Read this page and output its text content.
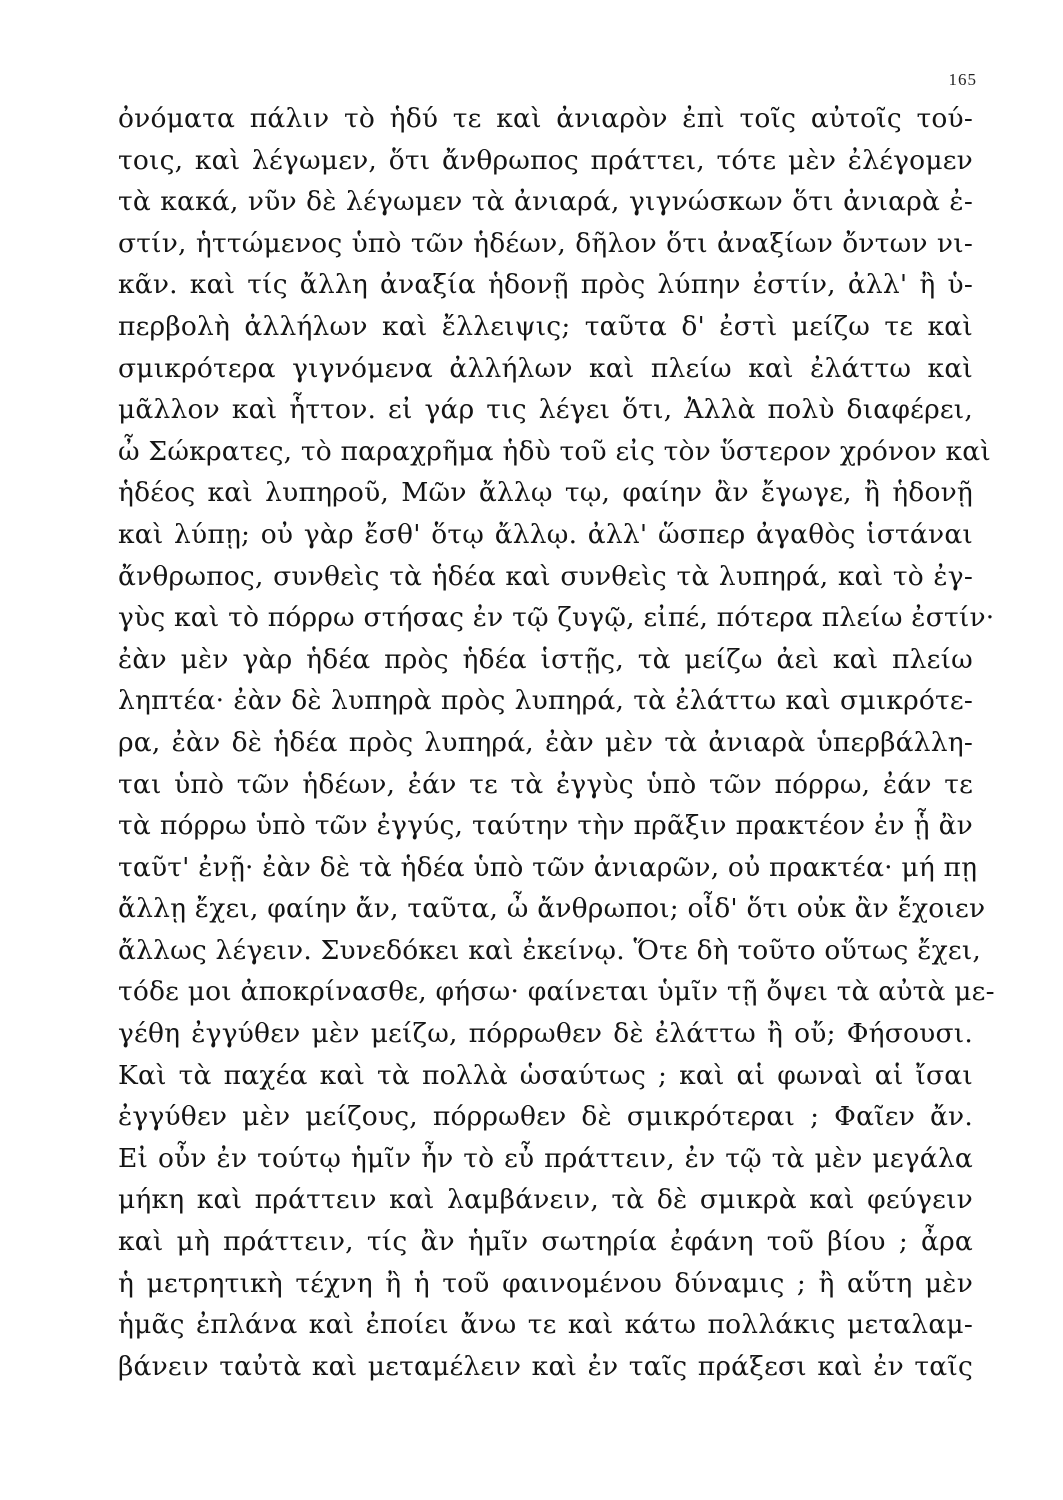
165
ὀνόματα πάλιν τὸ ἡδύ τε καὶ ἀνιαρὸν ἐπὶ τοῖς αὐτοῖς τού-
τοις, καὶ λέγωμεν, ὅτι ἄνθρωπος πράττει, τότε μὲν ἐλέγομεν
τὰ κακά, νῦν δὲ λέγωμεν τὰ ἀνιαρά, γιγνώσκων ὅτι ἀνιαρὰ ἐ-
στίν, ἡττώμενος ὑπὸ τῶν ἡδέων, δῆλον ὅτι ἀναξίων ὄντων νι-
κᾶν. καὶ τίς ἄλλη ἀναξία ἡδονῇ πρὸς λύπην ἐστίν, ἀλλ' ἢ ὑ-
περβολὴ ἀλλήλων καὶ ἔλλειψις; ταῦτα δ' ἐστὶ μείζω τε καὶ
σμικρότερα γιγνόμενα ἀλλήλων καὶ πλείω καὶ ἐλάττω καὶ
μᾶλλον καὶ ἧττον. εἰ γάρ τις λέγει ὅτι, Ἀλλὰ πολὺ διαφέρει,
ὦ Σώκρατες, τὸ παραχρῆμα ἡδὺ τοῦ εἰς τὸν ὕστερον χρόνον καὶ
ἡδέος καὶ λυπηροῦ, Μῶν ἄλλῳ τῳ, φαίην ἂν ἔγωγε, ἢ ἡδονῇ
καὶ λύπῃ; οὐ γὰρ ἔσθ' ὅτῳ ἄλλῳ. ἀλλ' ὥσπερ ἀγαθὸς ἱστάναι
ἄνθρωπος, συνθεὶς τὰ ἡδέα καὶ συνθεὶς τὰ λυπηρά, καὶ τὸ ἐγ-
γὺς καὶ τὸ πόρρω στήσας ἐν τῷ ζυγῷ, εἰπέ, πότερα πλείω ἐστίν·
ἐὰν μὲν γὰρ ἡδέα πρὸς ἡδέα ἱστῇς, τὰ μείζω ἀεὶ καὶ πλείω
ληπτέα· ἐὰν δὲ λυπηρὰ πρὸς λυπηρά, τὰ ἐλάττω καὶ σμικρότε-
ρα, ἐὰν δὲ ἡδέα πρὸς λυπηρά, ἐὰν μὲν τὰ ἀνιαρὰ ὑπερβάλλη-
ται ὑπὸ τῶν ἡδέων, ἐάν τε τὰ ἐγγὺς ὑπὸ τῶν πόρρω, ἐάν τε
τὰ πόρρω ὑπὸ τῶν ἐγγύς, ταύτην τὴν πρᾶξιν πρακτέον ἐν ᾗ ἂν
ταῦτ' ἐνῇ· ἐὰν δὲ τὰ ἡδέα ὑπὸ τῶν ἀνιαρῶν, οὐ πρακτέα· μή πῃ
ἄλλῃ ἔχει, φαίην ἄν, ταῦτα, ὦ ἄνθρωποι; οἶδ' ὅτι οὐκ ἂν ἔχοιεν
ἄλλως λέγειν. Συνεδόκει καὶ ἐκείνῳ. Ὅτε δὴ τοῦτο οὕτως ἔχει,
τόδε μοι ἀποκρίνασθε, φήσω· φαίνεται ὑμῖν τῇ ὄψει τὰ αὐτὰ με-
γέθη ἐγγύθεν μὲν μείζω, πόρρωθεν δὲ ἐλάττω ἢ οὔ; Φήσουσι.
Καὶ τὰ παχέα καὶ τὰ πολλὰ ὡσαύτως ; καὶ αἱ φωναὶ αἱ ἴσαι
ἐγγύθεν μὲν μείζους, πόρρωθεν δὲ σμικρότεραι ; Φαῖεν ἄν.
Εἰ οὖν ἐν τούτῳ ἡμῖν ἦν τὸ εὖ πράττειν, ἐν τῷ τὰ μὲν μεγάλα
μήκη καὶ πράττειν καὶ λαμβάνειν, τὰ δὲ σμικρὰ καὶ φεύγειν
καὶ μὴ πράττειν, τίς ἂν ἡμῖν σωτηρία ἐφάνη τοῦ βίου ; ἆρα
ἡ μετρητικὴ τέχνη ἢ ἡ τοῦ φαινομένου δύναμις ; ἢ αὕτη μὲν
ἡμᾶς ἐπλάνα καὶ ἐποίει ἄνω τε καὶ κάτω πολλάκις μεταλαμ-
βάνειν ταὐτὰ καὶ μεταμέλειν καὶ ἐν ταῖς πράξεσι καὶ ἐν ταῖς
